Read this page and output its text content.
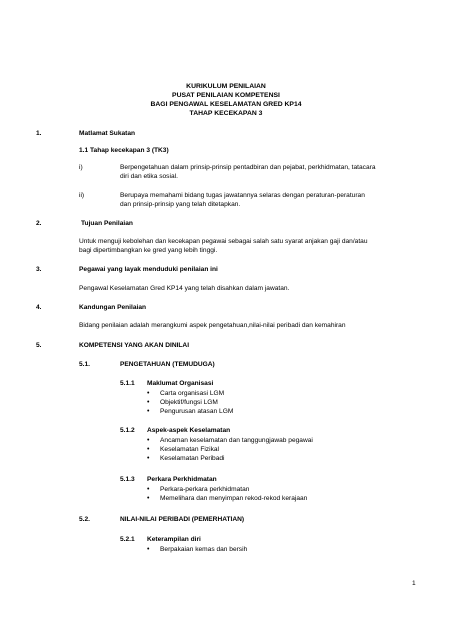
KURIKULUM PENILAIAN
PUSAT PENILAIAN KOMPETENSI
BAGI PENGAWAL KESELAMATAN GRED KP14
TAHAP KECEKAPAN 3
1.	Matlamat Sukatan
1.1 Tahap kecekapan 3 (TK3)
i)	Berpengetahuan dalam prinsip-prinsip pentadbiran dan pejabat, perkhidmatan, tatacara
diri dan etika sosial.
ii)	Berupaya memahami bidang tugas jawatannya selaras dengan peraturan-peraturan
dan prinsip-prinsip yang telah ditetapkan.
2.	Tujuan Penilaian
Untuk menguji kebolehan dan kecekapan pegawai sebagai salah satu syarat anjakan gaji dan/atau
bagi dipertimbangkan ke gred yang lebih tinggi.
3.	Pegawai yang layak menduduki penilaian ini
Pengawal Keselamatan Gred KP14 yang telah disahkan dalam jawatan.
4.	Kandungan Penilaian
Bidang penilaian adalah merangkumi aspek pengetahuan,nilai-nilai peribadi dan kemahiran
5.	KOMPETENSI YANG AKAN DINILAI
5.1.	PENGETAHUAN (TEMUDUGA)
5.1.1 Maklumat Organisasi
• Carta organisasi LGM
• Objektif/fungsi LGM
• Pengurusan atasan LGM
5.1.2 Aspek-aspek Keselamatan
• Ancaman keselamatan dan tanggungjawab pegawai
• Keselamatan Fizikal
• Keselamatan Peribadi
5.1.3 Perkara Perkhidmatan
• Perkara-perkara perkhidmatan
• Memelihara dan menyimpan rekod-rekod kerajaan
5.2.	NILAI-NILAI PERIBADI (PEMERHATIAN)
5.2.1 Keterampilan diri
• Berpakaian kemas dan bersih
1
